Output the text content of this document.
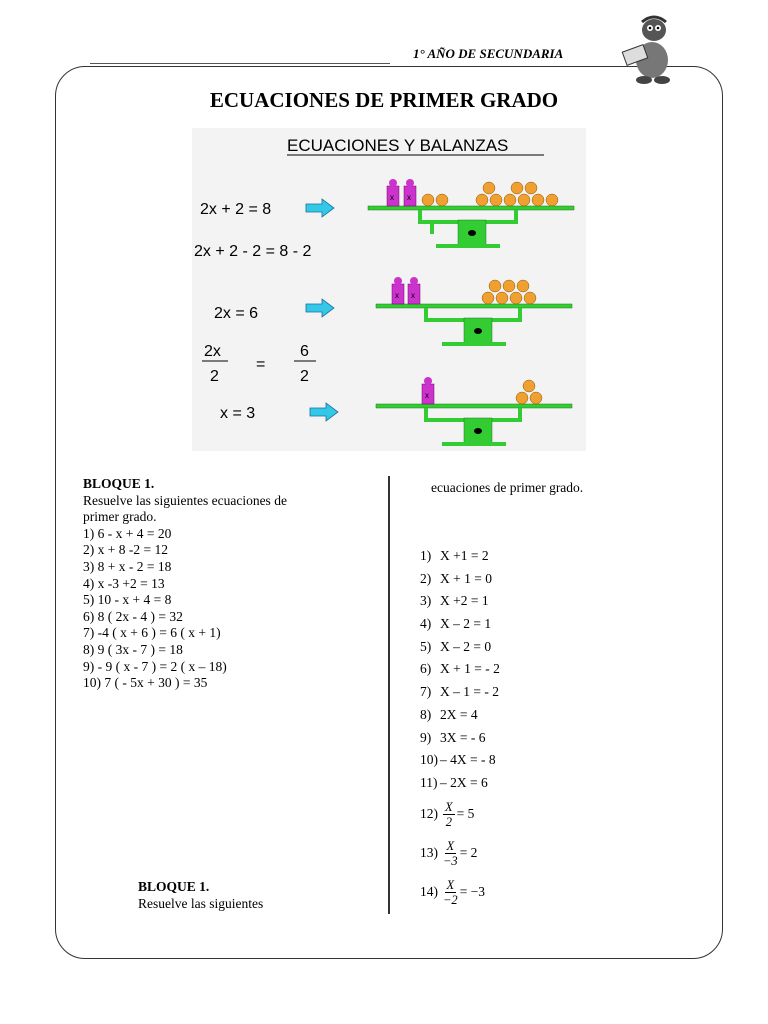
1° AÑO DE SECUNDARIA
ECUACIONES DE PRIMER GRADO
ECUACIONES Y BALANZAS
2x + 2 = 8
2x + 2 - 2 = 8 - 2
2x = 6
2x
2
=
6
2
x = 3
x x
x x
x
BLOQUE 1.
Resuelve las siguientes ecuaciones de
primer grado.
1) 6 - x + 4 = 20
2) x + 8 -2 = 12
3) 8 + x - 2 = 18
4) x -3 +2 = 13
5) 10 - x + 4 = 8
6) 8 ( 2x - 4 ) = 32
7) -4 ( x + 6 ) = 6 ( x + 1)
8) 9 ( 3x - 7 ) = 18
9) - 9 ( x - 7 ) = 2 ( x – 18)
10) 7 ( - 5x + 30 ) = 35
ecuaciones de primer grado.
1) X +1 = 2
2) X + 1 = 0
3) X +2 = 1
4) X – 2 = 1
5) X – 2 = 0
6) X + 1 = - 2
7) X – 1 = - 2
8) 2X = 4
9) 3X = - 6
10) – 4X = - 8
11) – 2X = 6
$12) \frac{X}{2} = 5$
$13) \frac{X}{-3} = 2$
$14) \frac{X}{-2} = -3$
BLOQUE 1.
Resuelve las siguientes
